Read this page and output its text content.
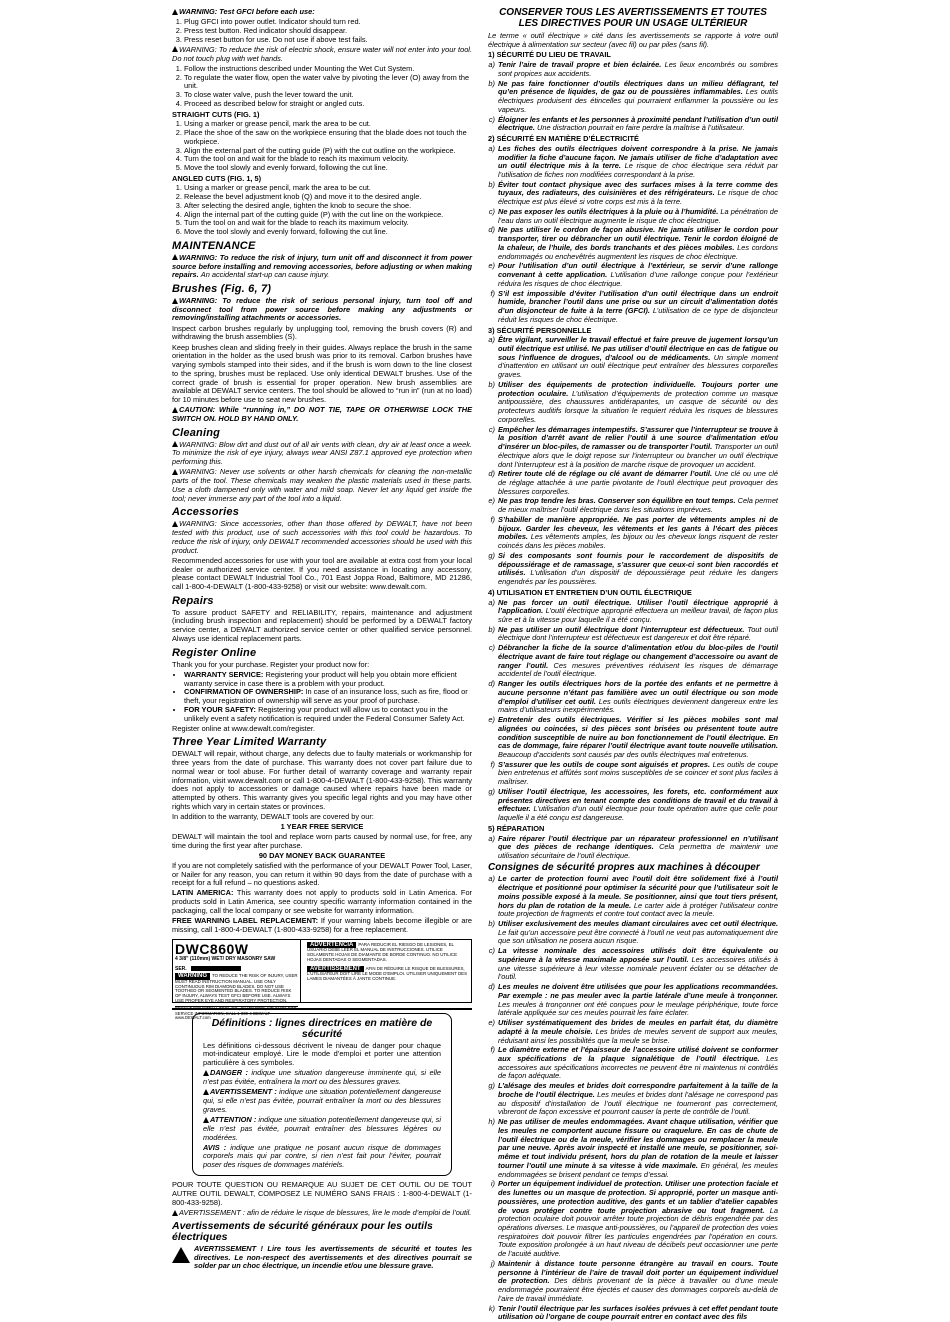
WARNING: Test GFCI before each use:

1. Plug GFCI into power outlet. Indicator should turn red.
2. Press test button. Red indicator should disappear.
3. Press reset button for use. Do not use if above test fails.

WARNING: To reduce the risk of electric shock, ensure water will not enter into your tool. Do not touch plug with wet hands.

1. Follow the instructions described under Mounting the Wet Cut System.
2. To regulate the water flow, open the water valve by pivoting the lever (O) away from the unit.
3. To close water valve, push the lever toward the unit.
4. Proceed as described below for straight or angled cuts.
STRAIGHT CUTS (FIG. 1)
1. Using a marker or grease pencil, mark the area to be cut.
2. Place the shoe of the saw on the workpiece ensuring that the blade does not touch the workpiece.
3. Align the external part of the cutting guide (P) with the cut outline on the workpiece.
4. Turn the tool on and wait for the blade to reach its maximum velocity.
5. Move the tool slowly and evenly forward, following the cut line.
ANGLED CUTS (FIG. 1, 5)
1. Using a marker or grease pencil, mark the area to be cut.
2. Release the bevel adjustment knob (Q) and move it to the desired angle.
3. After selecting the desired angle, tighten the knob to secure the shoe.
4. Align the internal part of the cutting guide (P) with the cut line on the workpiece.
5. Turn the tool on and wait for the blade to reach its maximum velocity.
6. Move the tool slowly and evenly forward, following the cut line.
MAINTENANCE

WARNING: To reduce the risk of injury, turn unit off and disconnect it from power source before installing and removing accessories, before adjusting or when making repairs. An accidental start-up can cause injury.

Brushes (Fig. 6, 7)

WARNING: To reduce the risk of serious personal injury, turn tool off and disconnect tool from power source before making any adjustments or removing/installing attachments or accessories.

Inspect carbon brushes regularly by unplugging tool, removing the brush covers (R) and withdrawing the brush assemblies (S).

Keep brushes clean and sliding freely in their guides. Always replace the brush in the same orientation in the holder as the used brush was prior to its removal. Carbon brushes have varying symbols stamped into their sides, and if the brush is worn down to the line closest to the spring, brushes must be replaced. Use only identical DEWALT brushes. Use of the correct grade of brush is essential for proper operation. New brush assemblies are available at DEWALT service centers. The tool should be allowed to “run in” (run at no load) for 10 minutes before use to seat new brushes.

CAUTION: While “running in,” DO NOT TIE, TAPE OR OTHERWISE LOCK THE SWITCH ON. HOLD BY HAND ONLY.

Cleaning

WARNING: Blow dirt and dust out of all air vents with clean, dry air at least once a week. To minimize the risk of eye injury, always wear ANSI Z87.1 approved eye protection when performing this.

WARNING: Never use solvents or other harsh chemicals for cleaning the non-metallic parts of the tool. These chemicals may weaken the plastic materials used in these parts. Use a cloth dampened only with water and mild soap. Never let any liquid get inside the tool; never immerse any part of the tool into a liquid.

Accessories

WARNING: Since accessories, other than those offered by DEWALT, have not been tested with this product, use of such accessories with this tool could be hazardous. To reduce the risk of injury, only DEWALT recommended accessories should be used with this product.

Recommended accessories for use with your tool are available at extra cost from your local dealer or authorized service center. If you need assistance in locating any accessory, please contact DEWALT Industrial Tool Co., 701 East Joppa Road, Baltimore, MD 21286, call 1-800-4-DEWALT (1-800-433-9258) or visit our website: www.dewalt.com.

Repairs

To assure product SAFETY and RELIABILITY, repairs, maintenance and adjustment (including brush inspection and replacement) should be performed by a DEWALT factory service center, a DEWALT authorized service center or other qualified service personnel. Always use identical replacement parts.

Register Online

Thank you for your purchase. Register your product now for:

• WARRANTY SERVICE: Registering your product will help you obtain more efficient warranty service in case there is a problem with your product.
• CONFIRMATION OF OWNERSHIP: In case of an insurance loss, such as fire, flood or theft, your registration of ownership will serve as your proof of purchase.
• FOR YOUR SAFETY: Registering your product will allow us to contact you in the unlikely event a safety notification is required under the Federal Consumer Safety Act.

Register online at www.dewalt.com/register.

Three Year Limited Warranty

DEWALT will repair, without charge, any defects due to faulty materials or workmanship for three years from the date of purchase. This warranty does not cover part failure due to normal wear or tool abuse. For further detail of warranty coverage and warranty repair information, visit www.dewalt.com or call 1-800-4-DEWALT (1-800-433-9258). This warranty does not apply to accessories or damage caused where repairs have been made or attempted by others. This warranty gives you specific legal rights and you may have other rights which vary in certain states or provinces.

In addition to the warranty, DEWALT tools are covered by our:

1 YEAR FREE SERVICE

DEWALT will maintain the tool and replace worn parts caused by normal use, for free, any time during the first year after purchase.

90 DAY MONEY BACK GUARANTEE

If you are not completely satisfied with the performance of your DEWALT Power Tool, Laser, or Nailer for any reason, you can return it within 90 days from the date of purchase with a receipt for a full refund – no questions asked.

LATIN AMERICA: This warranty does not apply to products sold in Latin America. For products sold in Latin America, see country specific warranty information contained in the packaging, call the local company or see website for warranty information.

FREE WARNING LABEL REPLACEMENT: If your warning labels become illegible or are missing, call 1-800-4-DEWALT (1-800-433-9258) for a free replacement.

DWC860W 4 3/8" (110mm) WET/ DRY MASONRY SAW
SER.
WARNING TO REDUCE THE RISK OF INJURY, USER MUST READ INSTRUCTION MANUAL. USE ONLY CONTINUOUS RIM DIAMOND BLADES. DO NOT USE TOOTHED OR SEGMENTED BLADES. TO REDUCE RISK OF INJURY, ALWAYS TEST GFCI BEFORE USE. ALWAYS USE PROPER EYE AND RESPIRATORY PROTECTION.
DEWALT INDUSTRIAL TOOL CO., BALTIMORE, MD 21286 FOR SERVICE INFORMATION, CALL 1-800-4-DEWALT www.DEWALT.com
ADVERTENCIA PARA REDUCIR EL RIESGO DE LESIONES, EL USUARIO DEBE LEER EL MANUAL DE INSTRUCCIONES. UTILICE SOLAMENTE HOJAS DE DIAMANTE DE BORDE CONTINUO. NO UTILICE HOJAS DENTADAS O SEGMENTADAS.
AVERTISSEMENT AFIN DE RÉDUIRE LE RISQUE DE BLESSURES, L'UTILISATEUR DOIT LIRE LE MODE D'EMPLOI. UTILISER UNIQUEMENT DES LAMES DIAMANTÉES À JANTE CONTINUE.
Définitions : lignes directrices en matière de sécurité

Les définitions ci-dessous décrivent le niveau de danger pour chaque mot-indicateur employé. Lire le mode d’emploi et porter une attention particulière à ces symboles.

DANGER : indique une situation dangereuse imminente qui, si elle n’est pas évitée, entraînera la mort ou des blessures graves.

AVERTISSEMENT : indique une situation potentiellement dangereuse qui, si elle n’est pas évitée, pourrait entraîner la mort ou des blessures graves.

ATTENTION : indique une situation potentiellement dangereuse qui, si elle n’est pas évitée, pourrait entraîner des blessures légères ou modérées.

AVIS : indique une pratique ne posant aucun risque de dommages corporels mais qui par contre, si rien n’est fait pour l’éviter, pourrait poser des risques de dommages matériels.

POUR TOUTE QUESTION OU REMARQUE AU SUJET DE CET OUTIL OU DE TOUT AUTRE OUTIL DEWALT, COMPOSEZ LE NUMÉRO SANS FRAIS : 1-800-4-DEWALT (1-800-433-9258).

AVERTISSEMENT : afin de réduire le risque de blessures, lire le mode d’emploi de l’outil.

Avertissements de sécurité généraux pour les outils électriques

AVERTISSEMENT ! Lire tous les avertissements de sécurité et toutes les directives. Le non-respect des avertissements et des directives pourrait se solder par un choc électrique, un incendie et/ou une blessure grave.

CONSERVER TOUS LES AVERTISSEMENTS ET TOUTES LES DIRECTIVES POUR UN USAGE ULTÉRIEUR

Le terme « outil électrique » cité dans les avertissements se rapporte à votre outil électrique à alimentation sur secteur (avec fil) ou par piles (sans fil).

1) SÉCURITÉ DU LIEU DE TRAVAIL
a) Tenir l’aire de travail propre et bien éclairée. Les lieux encombrés ou sombres sont propices aux accidents.
b) Ne pas faire fonctionner d’outils électriques dans un milieu déflagrant, tel qu’en présence de liquides, de gaz ou de poussières inflammables. Les outils électriques produisent des étincelles qui pourraient enflammer la poussière ou les vapeurs.
c) Éloigner les enfants et les personnes à proximité pendant l’utilisation d’un outil électrique. Une distraction pourrait en faire perdre la maîtrise à l’utilisateur.
2) SÉCURITÉ EN MATIÈRE D’ÉLECTRICITÉ
a) Les fiches des outils électriques doivent correspondre à la prise. Ne jamais modifier la fiche d’aucune façon. Ne jamais utiliser de fiche d’adaptation avec un outil électrique mis à la terre. Le risque de choc électrique sera réduit par l’utilisation de fiches non modifiées correspondant à la prise.
b) Éviter tout contact physique avec des surfaces mises à la terre comme des tuyaux, des radiateurs, des cuisinières et des réfrigérateurs. Le risque de choc électrique est plus élevé si votre corps est mis à la terre.
c) Ne pas exposer les outils électriques à la pluie ou à l’humidité. La pénétration de l’eau dans un outil électrique augmente le risque de choc électrique.
d) Ne pas utiliser le cordon de façon abusive. Ne jamais utiliser le cordon pour transporter, tirer ou débrancher un outil électrique. Tenir le cordon éloigné de la chaleur, de l’huile, des bords tranchants et des pièces mobiles. Les cordons endommagés ou enchevêtrés augmentent les risques de choc électrique.
e) Pour l’utilisation d’un outil électrique à l’extérieur, se servir d’une rallonge convenant à cette application. L’utilisation d’une rallonge conçue pour l’extérieur réduira les risques de choc électrique.
f) S’il est impossible d’éviter l’utilisation d’un outil électrique dans un endroit humide, brancher l’outil dans une prise ou sur un circuit d’alimentation dotés d’un disjoncteur de fuite à la terre (GFCI). L’utilisation de ce type de disjoncteur réduit les risques de choc électrique.
3) SÉCURITÉ PERSONNELLE
a) Être vigilant, surveiller le travail effectué et faire preuve de jugement lorsqu’un outil électrique est utilisé. Ne pas utiliser d’outil électrique en cas de fatigue ou sous l’influence de drogues, d’alcool ou de médicaments. Un simple moment d’inattention en utilisant un outil électrique peut entraîner des blessures corporelles graves.
b) Utiliser des équipements de protection individuelle. Toujours porter une protection oculaire. L’utilisation d’équipements de protection comme un masque antipoussière, des chaussures antidérapantes, un casque de sécurité ou des protecteurs auditifs lorsque la situation le requiert réduira les risques de blessures corporelles.
c) Empêcher les démarrages intempestifs. S’assurer que l’interrupteur se trouve à la position d’arrêt avant de relier l’outil à une source d’alimentation et/ou d’insérer un bloc-piles, de ramasser ou de transporter l’outil. Transporter un outil électrique alors que le doigt repose sur l’interrupteur ou brancher un outil électrique dont l’interrupteur est à la position de marche risque de provoquer un accident.
d) Retirer toute clé de réglage ou clé avant de démarrer l’outil. Une clé ou une clé de réglage attachée à une partie pivotante de l’outil électrique peut provoquer des blessures corporelles.
e) Ne pas trop tendre les bras. Conserver son équilibre en tout temps. Cela permet de mieux maîtriser l’outil électrique dans les situations imprévues.
f) S’habiller de manière appropriée. Ne pas porter de vêtements amples ni de bijoux. Garder les cheveux, les vêtements et les gants à l’écart des pièces mobiles. Les vêtements amples, les bijoux ou les cheveux longs risquent de rester coincés dans les pièces mobiles.
g) Si des composants sont fournis pour le raccordement de dispositifs de dépoussiérage et de ramassage, s’assurer que ceux-ci sont bien raccordés et utilisés. L’utilisation d’un dispositif de dépoussiérage peut réduire les dangers engendrés par les poussières.
4) UTILISATION ET ENTRETIEN D’UN OUTIL ÉLECTRIQUE
a) Ne pas forcer un outil électrique. Utiliser l’outil électrique approprié à l’application. L’outil électrique approprié effectuera un meilleur travail, de façon plus sûre et à la vitesse pour laquelle il a été conçu.
b) Ne pas utiliser un outil électrique dont l’interrupteur est défectueux. Tout outil électrique dont l’interrupteur est défectueux est dangereux et doit être réparé.
c) Débrancher la fiche de la source d’alimentation et/ou du bloc-piles de l’outil électrique avant de faire tout réglage ou changement d’accessoire ou avant de ranger l’outil. Ces mesures préventives réduisent les risques de démarrage accidentel de l’outil électrique.
d) Ranger les outils électriques hors de la portée des enfants et ne permettre à aucune personne n’étant pas familière avec un outil électrique ou son mode d’emploi d’utiliser cet outil. Les outils électriques deviennent dangereux entre les mains d’utilisateurs inexpérimentés.
e) Entretenir des outils électriques. Vérifier si les pièces mobiles sont mal alignées ou coincées, si des pièces sont brisées ou présentent toute autre condition susceptible de nuire au bon fonctionnement de l’outil électrique. En cas de dommage, faire réparer l’outil électrique avant toute nouvelle utilisation. Beaucoup d’accidents sont causés par des outils électriques mal entretenus.
f) S’assurer que les outils de coupe sont aiguisés et propres. Les outils de coupe bien entretenus et affûtés sont moins susceptibles de se coincer et sont plus faciles à maîtriser.
g) Utiliser l’outil électrique, les accessoires, les forets, etc. conformément aux présentes directives en tenant compte des conditions de travail et du travail à effectuer. L’utilisation d’un outil électrique pour toute opération autre que celle pour laquelle il a été conçu est dangereuse.
5) RÉPARATION
a) Faire réparer l’outil électrique par un réparateur professionnel en n’utilisant que des pièces de rechange identiques. Cela permettra de maintenir une utilisation sécuritaire de l’outil électrique.
Consignes de sécurité propres aux machines à découper
a) Le carter de protection fourni avec l’outil doit être solidement fixé à l’outil électrique et positionné pour optimiser la sécurité pour que l’utilisateur soit le moins possible exposé à la meule. Se positionner, ainsi que tout tiers présent, hors du plan de rotation de la meule. Le carter aide à protéger l’utilisateur contre toute projection de fragments et contre tout contact avec la meule.
b) Utiliser exclusivement des meules diamant circulaires avec cet outil électrique. Le fait qu’un accessoire peut être connecté à l’outil ne veut pas automatiquement dire que son utilisation ne posera aucun risque.
c) La vitesse nominale des accessoires utilisés doit être équivalente ou supérieure à la vitesse maximale apposée sur l’outil. Les accessoires utilisés à une vitesse supérieure à leur vitesse nominale peuvent éclater ou se détacher de l’outil.
d) Les meules ne doivent être utilisées que pour les applications recommandées. Par exemple : ne pas meuler avec la partie latérale d’une meule à tronçonner. Les meules à tronçonner ont été conçues pour le meulage périphérique, toute force latérale appliquée sur ces meules pourrait les faire éclater.
e) Utiliser systématiquement des brides de meules en parfait état, du diamètre adapté à la meule choisie. Les brides de meules servent de support aux meules, réduisant ainsi les possibilités que la meule se brise.
f) Le diamètre externe et l’épaisseur de l’accessoire utilisé doivent se conformer aux spécifications de la plaque signalétique de l’outil électrique. Les accessoires aux spécifications incorrectes ne peuvent être ni maintenus ni contrôlés de façon adéquate.
g) L’alésage des meules et brides doit correspondre parfaitement à la taille de la broche de l’outil électrique. Les meules et brides dont l’alésage ne correspond pas au dispositif d’installation de l’outil électrique ne tourneront pas correctement, vibreront de façon excessive et pourront causer la perte de contrôle de l’outil.
h) Ne pas utiliser de meules endommagées. Avant chaque utilisation, vérifier que les meules ne comportent aucune fissure ou craquelure. En cas de chute de l’outil électrique ou de la meule, vérifier les dommages ou remplacer la meule par une neuve. Après avoir inspecté et installé une meule, se positionner, soi-même et tout individu présent, hors du plan de rotation de la meule et laisser tourner l’outil une minute à sa vitesse à vide maximale. En général, les meules endommagées se brisent pendant ce temps d’essai.
i) Porter un équipement individuel de protection. Utiliser une protection faciale et des lunettes ou un masque de protection. Si approprié, porter un masque anti-poussières, une protection auditive, des gants et un tablier d’atelier capables de vous protéger contre toute projection abrasive ou tout fragment. La protection oculaire doit pouvoir arrêter toute projection de débris engendrée par des opérations diverses. Le masque anti-poussières, ou l’appareil de protection des voies respiratoires doit pouvoir filtrer les particules engendrées par l’opération en cours. Toute exposition prolongée à un haut niveau de décibels peut occasionner une perte de l’acuité auditive.
j) Maintenir à distance toute personne étrangère au travail en cours. Toute personne à l’intérieur de l’aire de travail doit porter un équipement individuel de protection. Des débris provenant de la pièce à travailler ou d’une meule endommagée pourraient être éjectés et causer des dommages corporels au-delà de l’aire de travail immédiate.
k) Tenir l’outil électrique par les surfaces isolées prévues à cet effet pendant toute utilisation où l’organe de coupe pourrait entrer en contact avec des fils
